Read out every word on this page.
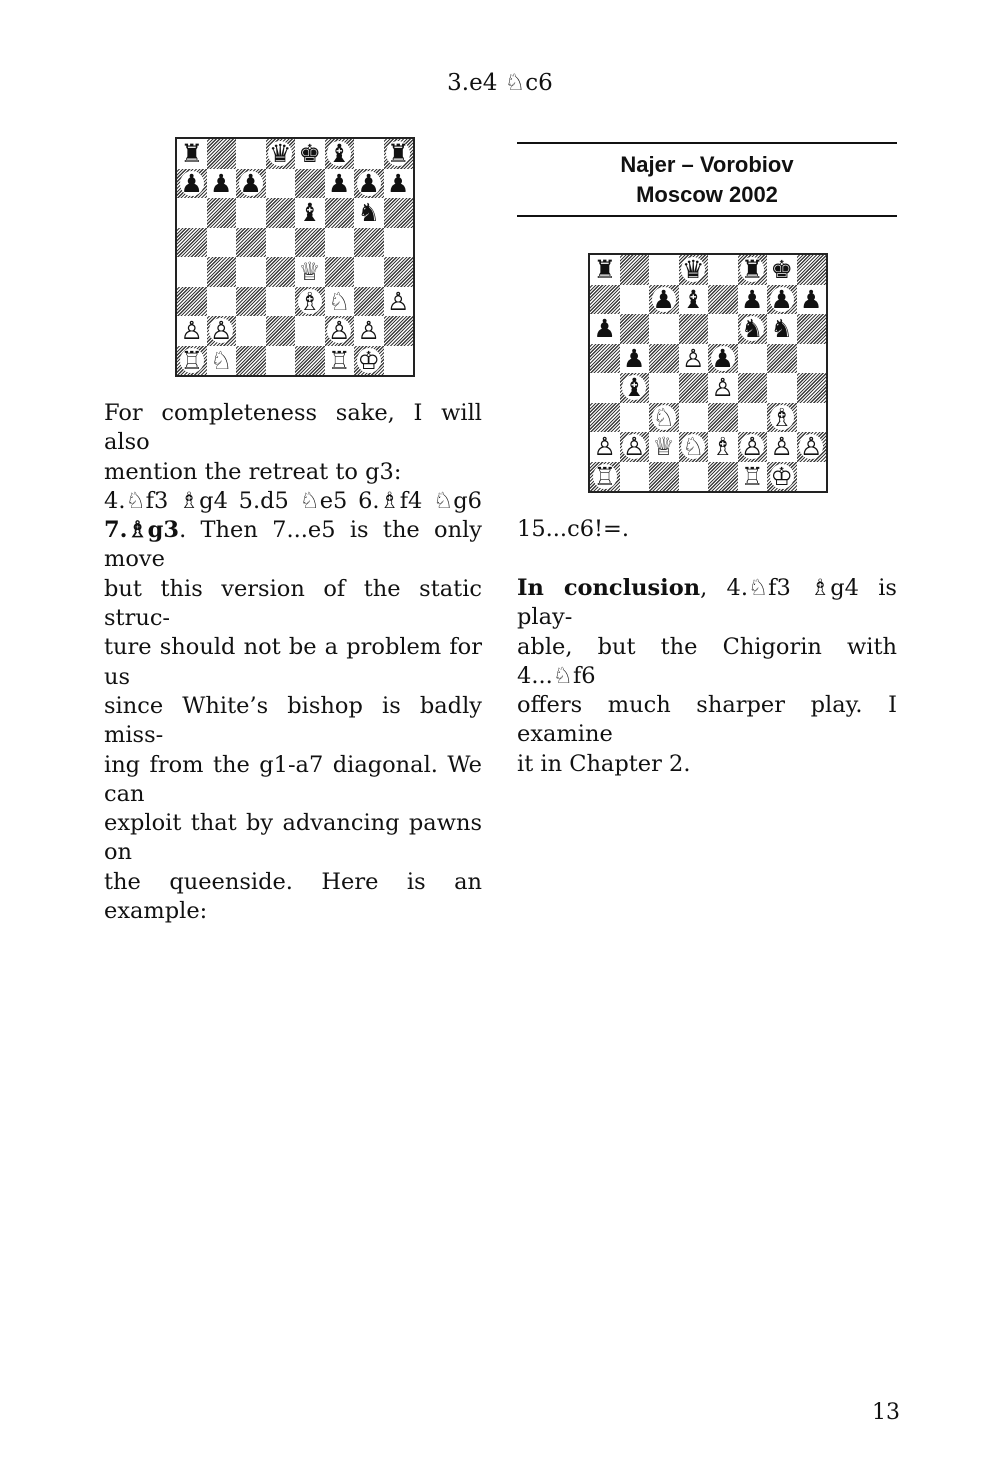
3.e4 ♘c6
♜	♛ ♚ ♝ ♜
♟ ♟ ♟	♟ ♟ ♟
♝ ♞
♕
♗ ♘ ♙
♙ ♙	♙ ♙
♖ ♘	♖ ♔
For completeness sake, I will also
mention the retreat to g3:
4.♘f3 ♗g4 5.d5 ♘e5 6.♗f4 ♘g6
7.♗g3. Then 7...e5 is the only move
but this version of the static struc-
ture should not be a problem for us
since White’s bishop is badly miss-
ing from the g1-a7 diagonal. We can
exploit that by advancing pawns on
the queenside. Here is an example:
Najer – Vorobiov
Moscow 2002
♜	♛ ♜ ♚
♟ ♝ ♟ ♟ ♟
♟	♞ ♞
♟ ♙ ♟
♝	♙
♘	♗
♙ ♙ ♕ ♘ ♗ ♙ ♙ ♙
♖	♖ ♔
15...c6!=.
In conclusion, 4.♘f3 ♗g4 is play-
able, but the Chigorin with 4...♘f6
offers much sharper play. I examine
it in Chapter 2.
13
